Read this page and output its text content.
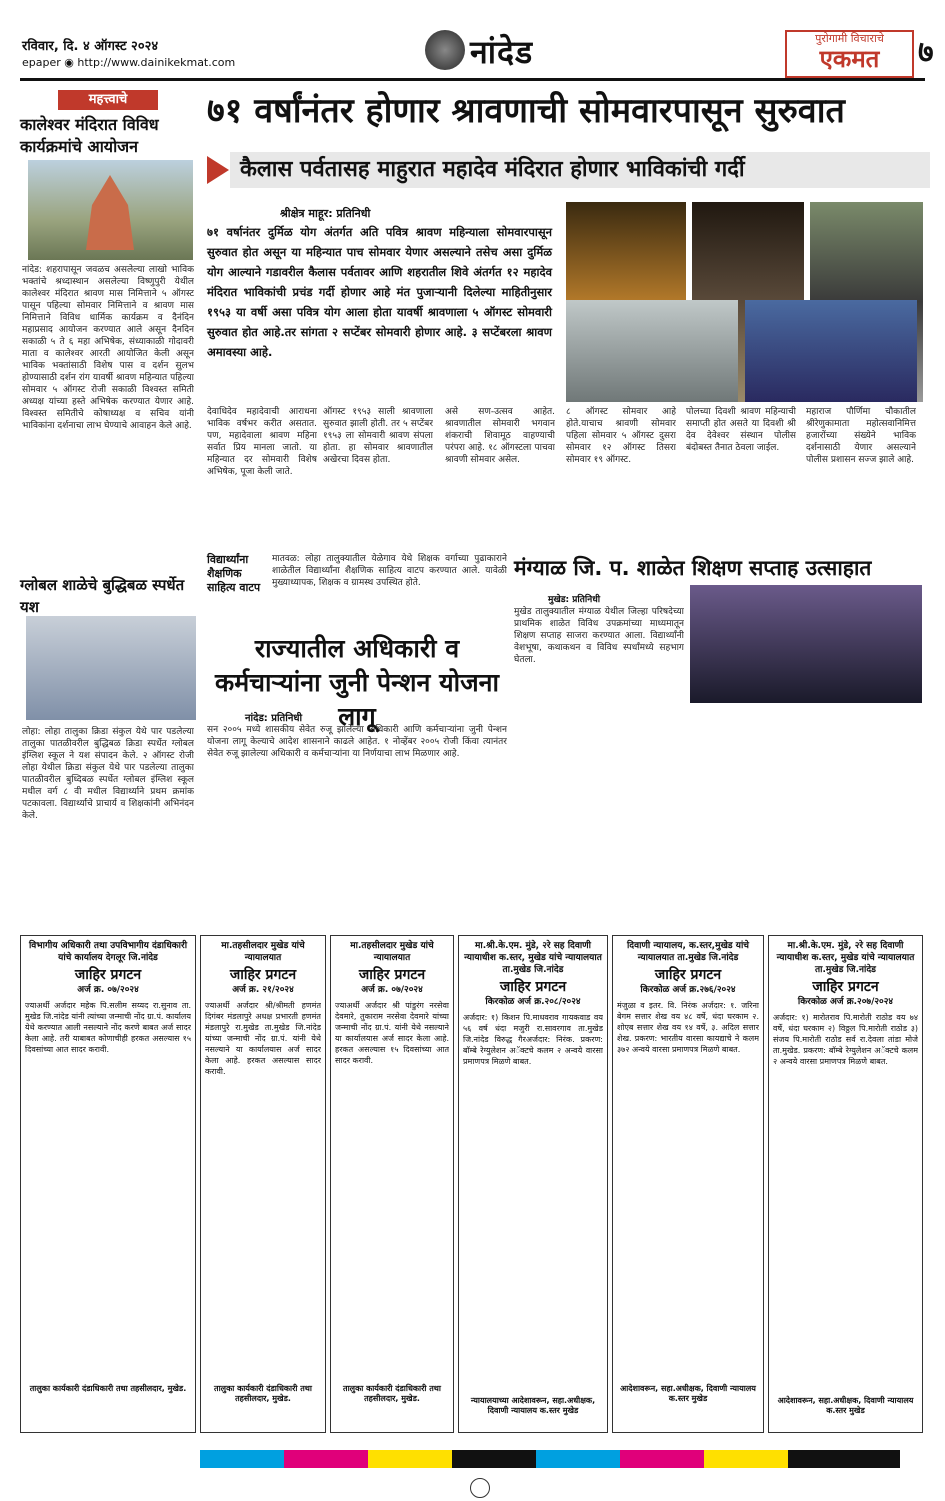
रविवार, दि. ४ ऑगस्ट २०२४
epaper ◉ http://www.dainikekmat.com	नांदेड	पुरोगामी विचाराचे
एकमत	७
महत्त्वाचे
कालेश्वर मंदिरात विविध कार्यक्रमांचे आयोजन
नांदेड: शहरापासून जवळच असलेल्या लाखो भाविक भक्तांचे श्रध्दास्थान असलेल्या विष्णुपुरी येथील कालेश्वर मंदिरात श्रावण मास निमित्ताने ५ ऑगस्ट पासून पहिल्या सोमवार निमित्ताने व श्रावण मास निमित्ताने विविध धार्मिक कार्यक्रम व दैनंदिन महाप्रसाद आयोजन करण्यात आले असून दैनदिन सकाळी ५ ते ६ महा अभिषेक, संध्याकाळी गोदावरी माता व कालेश्वर आरती आयोजित केली असून भाविक भक्तांसाठी विशेष पास व दर्शन सुलभ होण्यासाठी दर्शन रांग यावर्षी श्रावण महिन्यात पहिल्या सोमवार ५ ऑगस्ट रोजी सकाळी विश्वस्त समिती अध्यक्ष यांच्या हस्ते अभिषेक करण्यात येणार आहे. विश्वस्त समितीचे कोषाध्यक्ष व सचिव यांनी भाविकांना दर्शनाचा लाभ घेण्याचे आवाहन केले आहे.
ग्लोबल शाळेचे बुद्धिबळ स्पर्धेत यश
लोहा: लोहा तालुका क्रिडा संकुल येथे पार पडलेल्या तालुका पातळीवरील बुद्धिबळ क्रिडा स्पर्धेत ग्लोबल इंग्लिश स्कूल ने यश संपादन केले. २ ऑगस्ट रोजी लोहा येथील क्रिडा संकुल येथे पार पडलेल्या तालुका पातळीवरील बुध्दिबळ स्पर्धेत ग्लोबल इंग्लिश स्कूल मधील वर्ग ८ वी मधील विद्यार्थ्याने प्रथम क्रमांक पटकावला. विद्यार्थ्याचे प्राचार्य व शिक्षकांनी अभिनंदन केले.
७१ वर्षांनंतर होणार श्रावणाची सोमवारपासून सुरुवात
कैलास पर्वतासह माहुरात महादेव मंदिरात होणार भाविकांची गर्दी
श्रीक्षेत्र माहूर: प्रतिनिधी
७१ वर्षानंतर दुर्मिळ योग अंतर्गत अति पवित्र श्रावण महिन्याला सोमवारपासून सुरुवात होत असून या महिन्यात पाच सोमवार येणार असल्याने तसेच असा दुर्मिळ योग आल्याने गडावरील कैलास पर्वतावर आणि शहरातील शिवे अंतर्गत १२ महादेव मंदिरात भाविकांची प्रचंड गर्दी होणार आहे मंत पुजाऱ्यानी दिलेल्या माहितीनुसार १९५३ या वर्षी असा पवित्र योग आला होता यावर्षी श्रावणाला ५ ऑगस्ट सोमवारी सुरुवात होत आहे.तर सांगता २ सप्टेंबर सोमवारी होणार आहे. ३ सप्टेंबरला श्रावण अमावस्या आहे.
देवाधिदेव महादेवाची आराधना भाविक वर्षभर करीत असतात. पण, महादेवाला श्रावण महिना सर्वात प्रिय मानला जातो. या महिन्यात दर सोमवारी विशेष अभिषेक, पूजा केली जाते.
ऑगस्ट १९५३ साली श्रावणाला सुरुवात झाली होती. तर ५ सप्टेंबर १९५३ ला सोमवारी श्रावण संपला होता. हा सोमवार श्रावणातील अखेरचा दिवस होता.
असे सण-उत्सव आहेत. श्रावणातील सोमवारी भगवान शंकराची शिवामूठ वाहण्याची परंपरा आहे. १८ ऑगस्टला पाचवा श्रावणी सोमवार असेल.
८ ऑगस्ट सोमवार आहे होते.याचाच श्रावणी सोमवार पहिला सोमवार ५ ऑगस्ट दुसरा सोमवार १२ ऑगस्ट तिसरा सोमवार १९ ऑगस्ट.
पोलच्या दिवशी श्रावण महिन्याची समाप्ती होत असते या दिवशी श्री देव देवेश्वर संस्थान पोलीस बंदोबस्त तैनात ठेवला जाईल.
महाराज पौर्णिमा चौकातील श्रीरेणुकामाता महोत्सवानिमित्त हजारोंच्या संख्येने भाविक दर्शनासाठी येणार असल्याने पोलीस प्रशासन सज्ज झाले आहे.
विद्यार्थ्यांना शैक्षणिक साहित्य वाटप
मातवळ: लोहा तालुक्यातील येळेगाव येथे शिक्षक वर्गाच्या पुढाकाराने शाळेतील विद्यार्थ्यांना शैक्षणिक साहित्य वाटप करण्यात आले. यावेळी मुख्याध्यापक, शिक्षक व ग्रामस्थ उपस्थित होते.
राज्यातील अधिकारी व कर्मचाऱ्यांना जुनी पेन्शन योजना लागू
नांदेड: प्रतिनिधी
सन २००५ मध्ये शासकीय सेवेत रुजू झालेल्या अधिकारी आणि कर्मचाऱ्यांना जुनी पेन्शन योजना लागू केल्याचे आदेश शासनाने काढले आहेत. १ नोव्हेंबर २००५ रोजी किंवा त्यानंतर सेवेत रुजू झालेल्या अधिकारी व कर्मचाऱ्यांना या निर्णयाचा लाभ मिळणार आहे.
मंग्याळ जि. प. शाळेत शिक्षण सप्ताह उत्साहात
मुखेड: प्रतिनिधी
मुखेड तालुक्यातील मंग्याळ येथील जिल्हा परिषदेच्या प्राथमिक शाळेत विविध उपक्रमांच्या माध्यमातून शिक्षण सप्ताह साजरा करण्यात आला. विद्यार्थ्यांनी वेशभूषा, कथाकथन व विविध स्पर्धांमध्ये सहभाग घेतला.
विभागीय अधिकारी तथा उपविभागीय दंडाधिकारी यांचे कार्यालय देगलूर जि.नांदेड
जाहिर प्रगटन
अर्ज क्र. ०७/२०२४
ज्याअर्थी अर्जदार महेक पि.सलीम सय्यद रा.सुनाव ता. मुखेड जि.नांदेड यांनी त्यांच्या जन्माची नोंद ग्रा.पं. कार्यालय येथे करण्यात आली नसल्याने नोंद करणे बाबत अर्ज सादर केला आहे. तरी याबाबत कोणाचीही हरकत असल्यास १५ दिवसांच्या आत सादर करावी.
तालुका कार्यकारी दंडाधिकारी तथा तहसीलदार, मुखेड.
मा.तहसीलदार मुखेड यांचे न्यायालयात
जाहिर प्रगटन
अर्ज क्र. २१/२०२४
ज्याअर्थी अर्जदार श्री/श्रीमती हणमंत दिगंबर मंडलापुरे अधक्ष प्रभारती हणमंत मंडलापुरे रा.मुखेड ता.मुखेड जि.नांदेड यांच्या जन्माची नोंद ग्रा.पं. यांनी येथे नसल्याने या कार्यालयास अर्ज सादर केला आहे. हरकत असल्यास सादर करावी.
तालुका कार्यकारी दंडाधिकारी तथा तहसीलदार, मुखेड.
मा.तहसीलदार मुखेड यांचे न्यायालयात
जाहिर प्रगटन
अर्ज क्र. ०७/२०२४
ज्याअर्थी अर्जदार श्री पांडुरंग नरसेवा देवमारे, तुकाराम नरसेवा देवमारे यांच्या जन्माची नोंद ग्रा.पं. यांनी येथे नसल्याने या कार्यालयास अर्ज सादर केला आहे. हरकत असल्यास १५ दिवसांच्या आत सादर करावी.
तालुका कार्यकारी दंडाधिकारी तथा तहसीलदार, मुखेड.
मा.श्री.के.एम. मुंडे, २रे सह दिवाणी न्यायाधीश क.स्तर, मुखेड यांचे न्यायालयात ता.मुखेड जि.नांदेड
जाहिर प्रगटन
किरकोळ अर्ज क्र.२०८/२०२४
अर्जदार: १) किशन पि.माधवराव गायकवाड वय ५६ वर्ष धंदा मजुरी रा.सावरगाव ता.मुखेड जि.नांदेड विरुद्ध गैरअर्जदार: निरंक. प्रकरण: बॉम्बे रेग्युलेशन अॅक्टचे कलम २ अन्वये वारसा प्रमाणपत्र मिळणे बाबत.
न्यायालयाच्या आदेशावरून, सहा.अधीक्षक, दिवाणी न्यायालय क.स्तर मुखेड
दिवाणी न्यायालय, क.स्तर,मुखेड यांचे न्यायालयात ता.मुखेड जि.नांदेड
जाहिर प्रगटन
किरकोळ अर्ज क्र.२७६/२०२४
मंजुळा व इतर. वि. निरंक अर्जदार: १. जरिना बेगम सत्तार शेख वय ४८ वर्षे, धंदा घरकाम २. शोएब सत्तार शेख वय १४ वर्षे, ३. अदिल सत्तार शेख. प्रकरण: भारतीय वारसा कायद्याचे ने कलम ३७२ अन्वये वारसा प्रमाणपत्र मिळणे बाबत.
आदेशावरून, सहा.अधीक्षक, दिवाणी न्यायालय क.स्तर मुखेड
मा.श्री.के.एम. मुंडे, २रे सह दिवाणी न्यायाधीश क.स्तर, मुखेड यांचे न्यायालयात ता.मुखेड जि.नांदेड
जाहिर प्रगटन
किरकोळ अर्ज क्र.२०७/२०२४
अर्जदार: १) मारोतराव पि.मारोती राठोड वय ७४ वर्षे, धंदा घरकाम २) विठ्ठल पि.मारोती राठोड ३) संजय पि.मारोती राठोड सर्व रा.देवला तांडा मोजे ता.मुखेड. प्रकरण: बॉम्बे रेग्युलेशन अॅक्टचे कलम २ अन्वये वारसा प्रमाणपत्र मिळणे बाबत.
आदेशावरून, सहा.अधीक्षक, दिवाणी न्यायालय क.स्तर मुखेड
